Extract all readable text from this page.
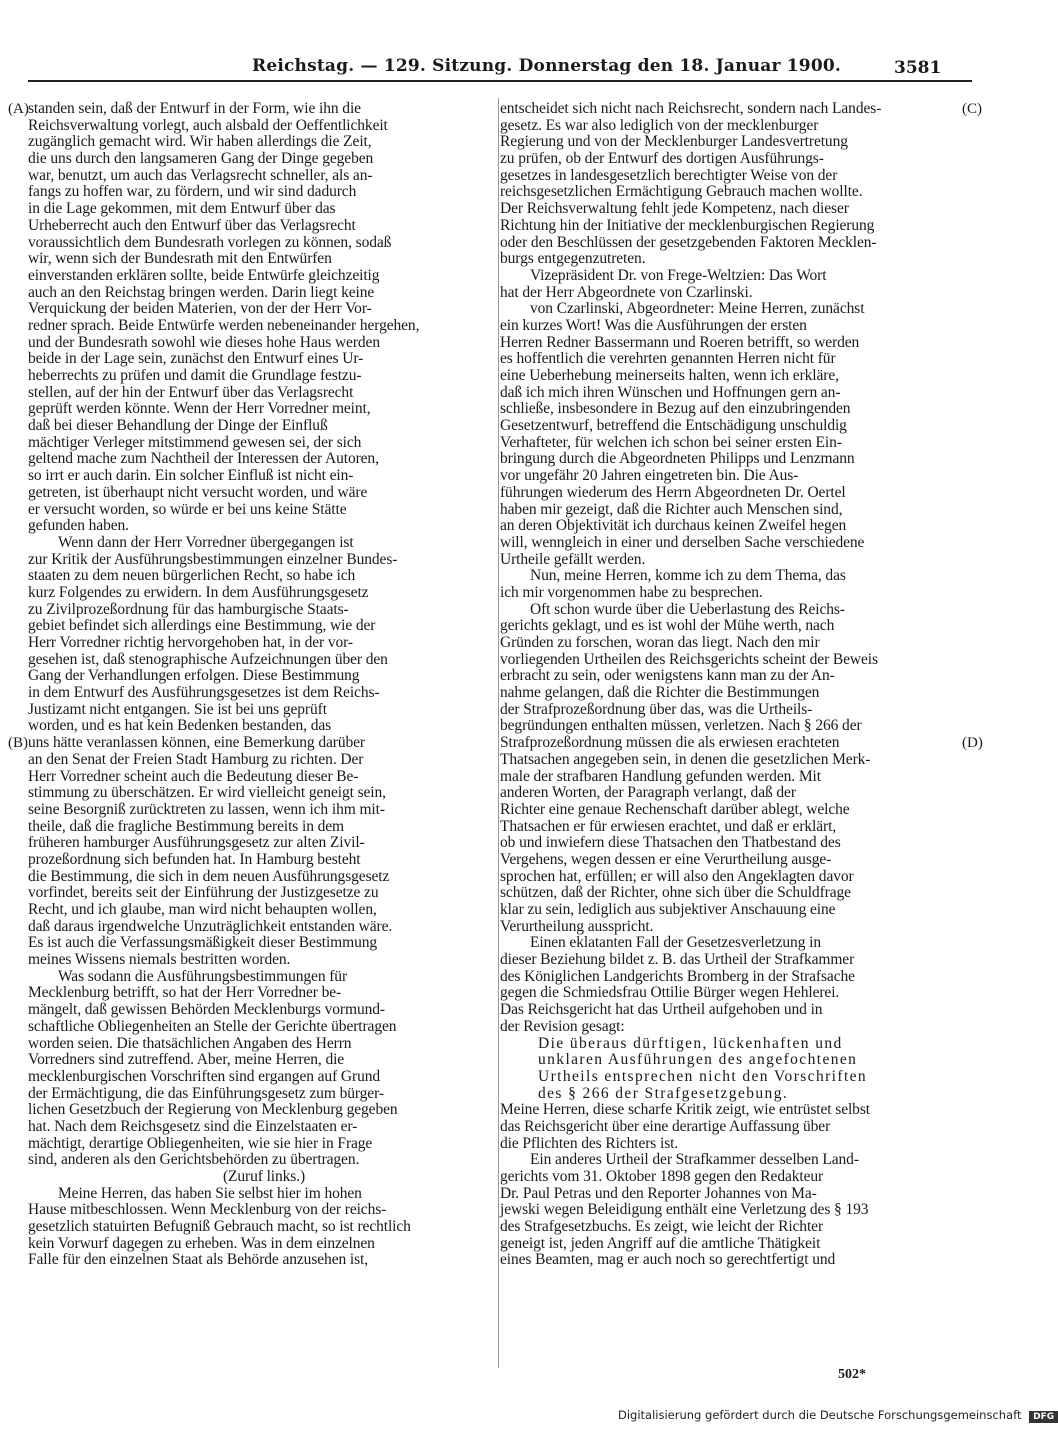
Reichstag. — 129. Sitzung. Donnerstag den 18. Januar 1900.	3581
(A)
(B)
(C)
(D)
standen sein, daß der Entwurf in der Form, wie ihn die
Reichsverwaltung vorlegt, auch alsbald der Oeffentlichkeit
zugänglich gemacht wird. Wir haben allerdings die Zeit,
die uns durch den langsameren Gang der Dinge gegeben
war, benutzt, um auch das Verlagsrecht schneller, als an-
fangs zu hoffen war, zu fördern, und wir sind dadurch
in die Lage gekommen, mit dem Entwurf über das
Urheberrecht auch den Entwurf über das Verlagsrecht
voraussichtlich dem Bundesrath vorlegen zu können, sodaß
wir, wenn sich der Bundesrath mit den Entwürfen
einverstanden erklären sollte, beide Entwürfe gleichzeitig
auch an den Reichstag bringen werden. Darin liegt keine
Verquickung der beiden Materien, von der der Herr Vor-
redner sprach. Beide Entwürfe werden nebeneinander hergehen,
und der Bundesrath sowohl wie dieses hohe Haus werden
beide in der Lage sein, zunächst den Entwurf eines Ur-
heberrechts zu prüfen und damit die Grundlage festzu-
stellen, auf der hin der Entwurf über das Verlagsrecht
geprüft werden könnte. Wenn der Herr Vorredner meint,
daß bei dieser Behandlung der Dinge der Einfluß
mächtiger Verleger mitstimmend gewesen sei, der sich
geltend mache zum Nachtheil der Interessen der Autoren,
so irrt er auch darin. Ein solcher Einfluß ist nicht ein-
getreten, ist überhaupt nicht versucht worden, und wäre
er versucht worden, so würde er bei uns keine Stätte
gefunden haben.
Wenn dann der Herr Vorredner übergegangen ist
zur Kritik der Ausführungsbestimmungen einzelner Bundes-
staaten zu dem neuen bürgerlichen Recht, so habe ich
kurz Folgendes zu erwidern. In dem Ausführungsgesetz
zu Zivilprozeßordnung für das hamburgische Staats-
gebiet befindet sich allerdings eine Bestimmung, wie der
Herr Vorredner richtig hervorgehoben hat, in der vor-
gesehen ist, daß stenographische Aufzeichnungen über den
Gang der Verhandlungen erfolgen. Diese Bestimmung
in dem Entwurf des Ausführungsgesetzes ist dem Reichs-
Justizamt nicht entgangen. Sie ist bei uns geprüft
worden, und es hat kein Bedenken bestanden, das
uns hätte veranlassen können, eine Bemerkung darüber
an den Senat der Freien Stadt Hamburg zu richten. Der
Herr Vorredner scheint auch die Bedeutung dieser Be-
stimmung zu überschätzen. Er wird vielleicht geneigt sein,
seine Besorgniß zurücktreten zu lassen, wenn ich ihm mit-
theile, daß die fragliche Bestimmung bereits in dem
früheren hamburger Ausführungsgesetz zur alten Zivil-
prozeßordnung sich befunden hat. In Hamburg besteht
die Bestimmung, die sich in dem neuen Ausführungsgesetz
vorfindet, bereits seit der Einführung der Justizgesetze zu
Recht, und ich glaube, man wird nicht behaupten wollen,
daß daraus irgendwelche Unzuträglichkeit entstanden wäre.
Es ist auch die Verfassungsmäßigkeit dieser Bestimmung
meines Wissens niemals bestritten worden.
Was sodann die Ausführungsbestimmungen für
Mecklenburg betrifft, so hat der Herr Vorredner be-
mängelt, daß gewissen Behörden Mecklenburgs vormund-
schaftliche Obliegenheiten an Stelle der Gerichte übertragen
worden seien. Die thatsächlichen Angaben des Herrn
Vorredners sind zutreffend. Aber, meine Herren, die
mecklenburgischen Vorschriften sind ergangen auf Grund
der Ermächtigung, die das Einführungsgesetz zum bürger-
lichen Gesetzbuch der Regierung von Mecklenburg gegeben
hat. Nach dem Reichsgesetz sind die Einzelstaaten er-
mächtigt, derartige Obliegenheiten, wie sie hier in Frage
sind, anderen als den Gerichtsbehörden zu übertragen.
(Zuruf links.)
Meine Herren, das haben Sie selbst hier im hohen
Hause mitbeschlossen. Wenn Mecklenburg von der reichs-
gesetzlich statuirten Befugniß Gebrauch macht, so ist rechtlich
kein Vorwurf dagegen zu erheben. Was in dem einzelnen
Falle für den einzelnen Staat als Behörde anzusehen ist,
entscheidet sich nicht nach Reichsrecht, sondern nach Landes-
gesetz. Es war also lediglich von der mecklenburger
Regierung und von der Mecklenburger Landesvertretung
zu prüfen, ob der Entwurf des dortigen Ausführungs-
gesetzes in landesgesetzlich berechtigter Weise von der
reichsgesetzlichen Ermächtigung Gebrauch machen wollte.
Der Reichsverwaltung fehlt jede Kompetenz, nach dieser
Richtung hin der Initiative der mecklenburgischen Regierung
oder den Beschlüssen der gesetzgebenden Faktoren Mecklen-
burgs entgegenzutreten.
Vizepräsident Dr. von Frege-Weltzien: Das Wort
hat der Herr Abgeordnete von Czarlinski.
von Czarlinski, Abgeordneter: Meine Herren, zunächst
ein kurzes Wort! Was die Ausführungen der ersten
Herren Redner Bassermann und Roeren betrifft, so werden
es hoffentlich die verehrten genannten Herren nicht für
eine Ueberhebung meinerseits halten, wenn ich erkläre,
daß ich mich ihren Wünschen und Hoffnungen gern an-
schließe, insbesondere in Bezug auf den einzubringenden
Gesetzentwurf, betreffend die Entschädigung unschuldig
Verhafteter, für welchen ich schon bei seiner ersten Ein-
bringung durch die Abgeordneten Philipps und Lenzmann
vor ungefähr 20 Jahren eingetreten bin. Die Aus-
führungen wiederum des Herrn Abgeordneten Dr. Oertel
haben mir gezeigt, daß die Richter auch Menschen sind,
an deren Objektivität ich durchaus keinen Zweifel hegen
will, wenngleich in einer und derselben Sache verschiedene
Urtheile gefällt werden.
Nun, meine Herren, komme ich zu dem Thema, das
ich mir vorgenommen habe zu besprechen.
Oft schon wurde über die Ueberlastung des Reichs-
gerichts geklagt, und es ist wohl der Mühe werth, nach
Gründen zu forschen, woran das liegt. Nach den mir
vorliegenden Urtheilen des Reichsgerichts scheint der Beweis
erbracht zu sein, oder wenigstens kann man zu der An-
nahme gelangen, daß die Richter die Bestimmungen
der Strafprozeßordnung über das, was die Urtheils-
begründungen enthalten müssen, verletzen. Nach § 266 der
Strafprozeßordnung müssen die als erwiesen erachteten
Thatsachen angegeben sein, in denen die gesetzlichen Merk-
male der strafbaren Handlung gefunden werden. Mit
anderen Worten, der Paragraph verlangt, daß der
Richter eine genaue Rechenschaft darüber ablegt, welche
Thatsachen er für erwiesen erachtet, und daß er erklärt,
ob und inwiefern diese Thatsachen den Thatbestand des
Vergehens, wegen dessen er eine Verurtheilung ausge-
sprochen hat, erfüllen; er will also den Angeklagten davor
schützen, daß der Richter, ohne sich über die Schuldfrage
klar zu sein, lediglich aus subjektiver Anschauung eine
Verurtheilung ausspricht.
Einen eklatanten Fall der Gesetzesverletzung in
dieser Beziehung bildet z. B. das Urtheil der Strafkammer
des Königlichen Landgerichts Bromberg in der Strafsache
gegen die Schmiedsfrau Ottilie Bürger wegen Hehlerei.
Das Reichsgericht hat das Urtheil aufgehoben und in
der Revision gesagt:
Die überaus dürftigen, lückenhaften und
unklaren Ausführungen des angefochtenen
Urtheils entsprechen nicht den Vorschriften
des § 266 der Strafgesetzgebung.
Meine Herren, diese scharfe Kritik zeigt, wie entrüstet selbst
das Reichsgericht über eine derartige Auffassung über
die Pflichten des Richters ist.
Ein anderes Urtheil der Strafkammer desselben Land-
gerichts vom 31. Oktober 1898 gegen den Redakteur
Dr. Paul Petras und den Reporter Johannes von Ma-
jewski wegen Beleidigung enthält eine Verletzung des § 193
des Strafgesetzbuchs. Es zeigt, wie leicht der Richter
geneigt ist, jeden Angriff auf die amtliche Thätigkeit
eines Beamten, mag er auch noch so gerechtfertigt und
502*
Digitalisierung gefördert durch die Deutsche Forschungsgemeinschaft DFG
